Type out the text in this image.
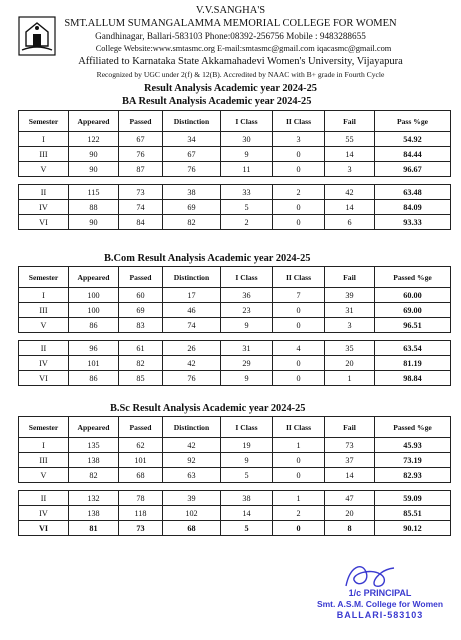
V.V.SANGHA'S
SMT.ALLUM SUMANGALAMMA MEMORIAL COLLEGE FOR WOMEN
Gandhinagar, Ballari-583103 Phone:08392-256756 Mobile : 9483288655
College Website:www.smtasmc.org E-mail:smtasmc@gmail.com iqacasmc@gmail.com
Affiliated to Karnataka State Akkamahadevi Women's University, Vijayapura
Recognized by UGC under 2(f) & 12(B). Accredited by NAAC with B+ grade in Fourth Cycle
Result Analysis Academic year 2024-25
BA Result Analysis Academic year 2024-25
Semester	Appeared	Passed	Distinction	I Class	II Class	Fail	Pass %ge
I	122	67	34	30	3	55	54.92
III	90	76	67	9	0	14	84.44
V	90	87	76	11	0	3	96.67

II	115	73	38	33	2	42	63.48
IV	88	74	69	5	0	14	84.09
VI	90	84	82	2	0	6	93.33
B.Com Result Analysis Academic year 2024-25
Semester	Appeared	Passed	Distinction	I Class	II Class	Fail	Passed %ge
I	100	60	17	36	7	39	60.00
III	100	69	46	23	0	31	69.00
V	86	83	74	9	0	3	96.51

II	96	61	26	31	4	35	63.54
IV	101	82	42	29	0	20	81.19
VI	86	85	76	9	0	1	98.84
B.Sc Result Analysis Academic year 2024-25
Semester	Appeared	Passed	Distinction	I Class	II Class	Fail	Passed %ge
I	135	62	42	19	1	73	45.93
III	138	101	92	9	0	37	73.19
V	82	68	63	5	0	14	82.93

II	132	78	39	38	1	47	59.09
IV	138	118	102	14	2	20	85.51
VI	81	73	68	5	0	8	90.12
1/c PRINCIPAL
Smt. A.S.M. College for Women
BALLARI-583103
